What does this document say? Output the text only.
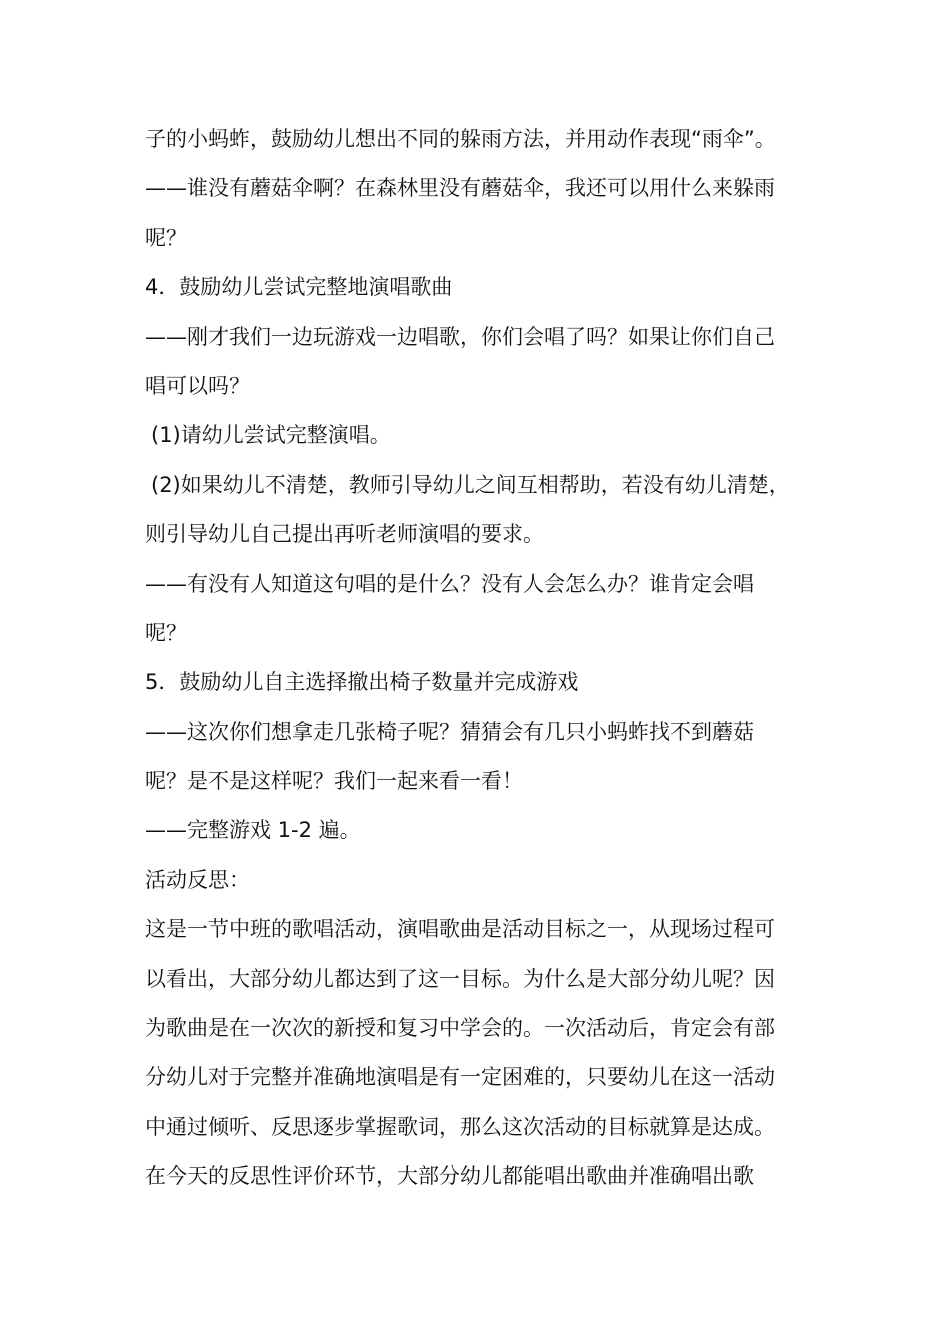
子的小蚂蚱，鼓励幼儿想出不同的躲雨方法，并用动作表现“雨伞”。
——谁没有蘑菇伞啊？在森林里没有蘑菇伞，我还可以用什么来躲雨
呢？
4．鼓励幼儿尝试完整地演唱歌曲
——刚才我们一边玩游戏一边唱歌，你们会唱了吗？如果让你们自己
唱可以吗？
(1)请幼儿尝试完整演唱。
(2)如果幼儿不清楚，教师引导幼儿之间互相帮助，若没有幼儿清楚，
则引导幼儿自己提出再听老师演唱的要求。
——有没有人知道这句唱的是什么？没有人会怎么办？谁肯定会唱
呢？
5．鼓励幼儿自主选择撤出椅子数量并完成游戏
——这次你们想拿走几张椅子呢？猜猜会有几只小蚂蚱找不到蘑菇
呢？是不是这样呢？我们一起来看一看！
——完整游戏 1-2 遍。
活动反思：
这是一节中班的歌唱活动，演唱歌曲是活动目标之一，从现场过程可
以看出，大部分幼儿都达到了这一目标。为什么是大部分幼儿呢？因
为歌曲是在一次次的新授和复习中学会的。一次活动后，肯定会有部
分幼儿对于完整并准确地演唱是有一定困难的，只要幼儿在这一活动
中通过倾听、反思逐步掌握歌词，那么这次活动的目标就算是达成。
在今天的反思性评价环节，大部分幼儿都能唱出歌曲并准确唱出歌
